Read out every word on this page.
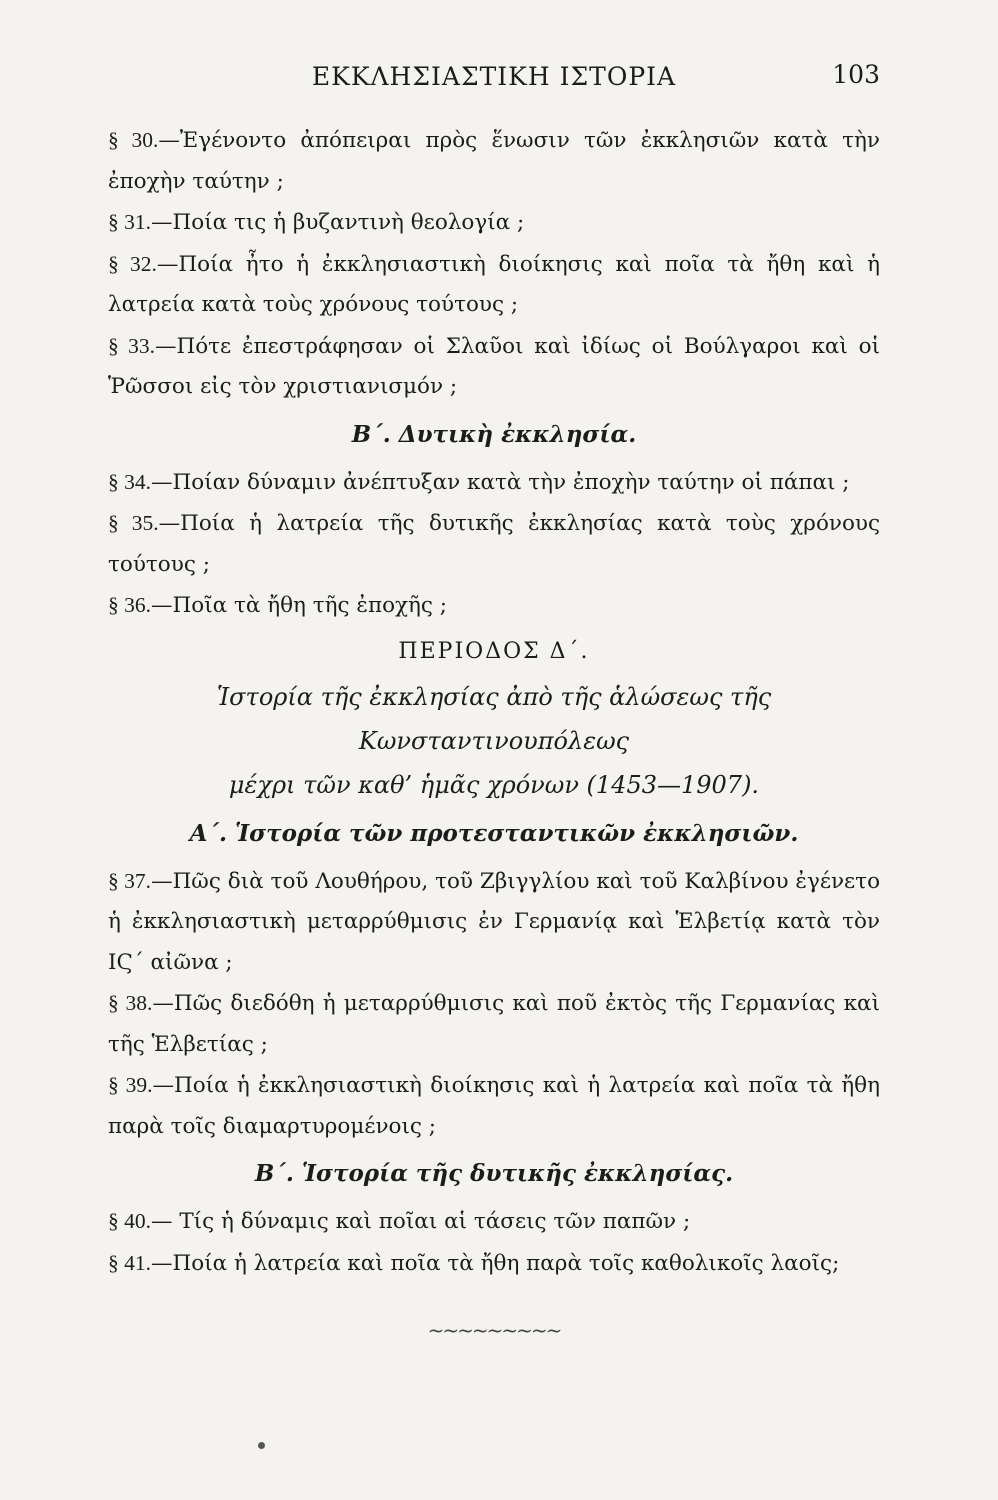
ΕΚΚΛΗΣΙΑΣΤΙΚΗ ΙΣΤΟΡΙΑ	103

§ 30.—Ἐγένοντο ἀπόπειραι πρὸς ἕνωσιν τῶν ἐκκλησιῶν κατὰ τὴν ἐποχὴν ταύτην ;

§ 31.—Ποία τις ἡ βυζαντινὴ θεολογία ;

§ 32.—Ποία ἦτο ἡ ἐκκλησιαστικὴ διοίκησις καὶ ποῖα τὰ ἤθη καὶ ἡ λατρεία κατὰ τοὺς χρόνους τούτους ;

§ 33.—Πότε ἐπεστράφησαν οἱ Σλαῦοι καὶ ἰδίως οἱ Βούλγαροι καὶ οἱ Ῥῶσσοι εἰς τὸν χριστιανισμόν ;

Β΄. Δυτικὴ ἐκκλησία.

§ 34.—Ποίαν δύναμιν ἀνέπτυξαν κατὰ τὴν ἐποχὴν ταύτην οἱ πάπαι ;

§ 35.—Ποία ἡ λατρεία τῆς δυτικῆς ἐκκλησίας κατὰ τοὺς χρόνους τούτους ;

§ 36.—Ποῖα τὰ ἤθη τῆς ἐποχῆς ;

ΠΕΡΙΟΔΟΣ Δ΄.
Ἱστορία τῆς ἐκκλησίας ἀπὸ τῆς ἁλώσεως τῆς Κωνσταντινουπόλεως
μέχρι τῶν καθ’ ἡμᾶς χρόνων (1453—1907).
Α΄. Ἱστορία τῶν προτεσταντικῶν ἐκκλησιῶν.

§ 37.—Πῶς διὰ τοῦ Λουθήρου, τοῦ Ζβιγγλίου καὶ τοῦ Καλβίνου ἐγένετο ἡ ἐκκλησιαστικὴ μεταρρύθμισις ἐν Γερμανίᾳ καὶ Ἑλβετίᾳ κατὰ τὸν ΙϚ΄ αἰῶνα ;

§ 38.—Πῶς διεδόθη ἡ μεταρρύθμισις καὶ ποῦ ἐκτὸς τῆς Γερμανίας καὶ τῆς Ἑλβετίας ;

§ 39.—Ποία ἡ ἐκκλησιαστικὴ διοίκησις καὶ ἡ λατρεία καὶ ποῖα τὰ ἤθη παρὰ τοῖς διαμαρτυρομένοις ;

Β΄. Ἱστορία τῆς δυτικῆς ἐκκλησίας.

§ 40.— Τίς ἡ δύναμις καὶ ποῖαι αἱ τάσεις τῶν παπῶν ;

§ 41.—Ποία ἡ λατρεία καὶ ποῖα τὰ ἤθη παρὰ τοῖς καθολικοῖς λαοῖς;

~~~~~~~~~
